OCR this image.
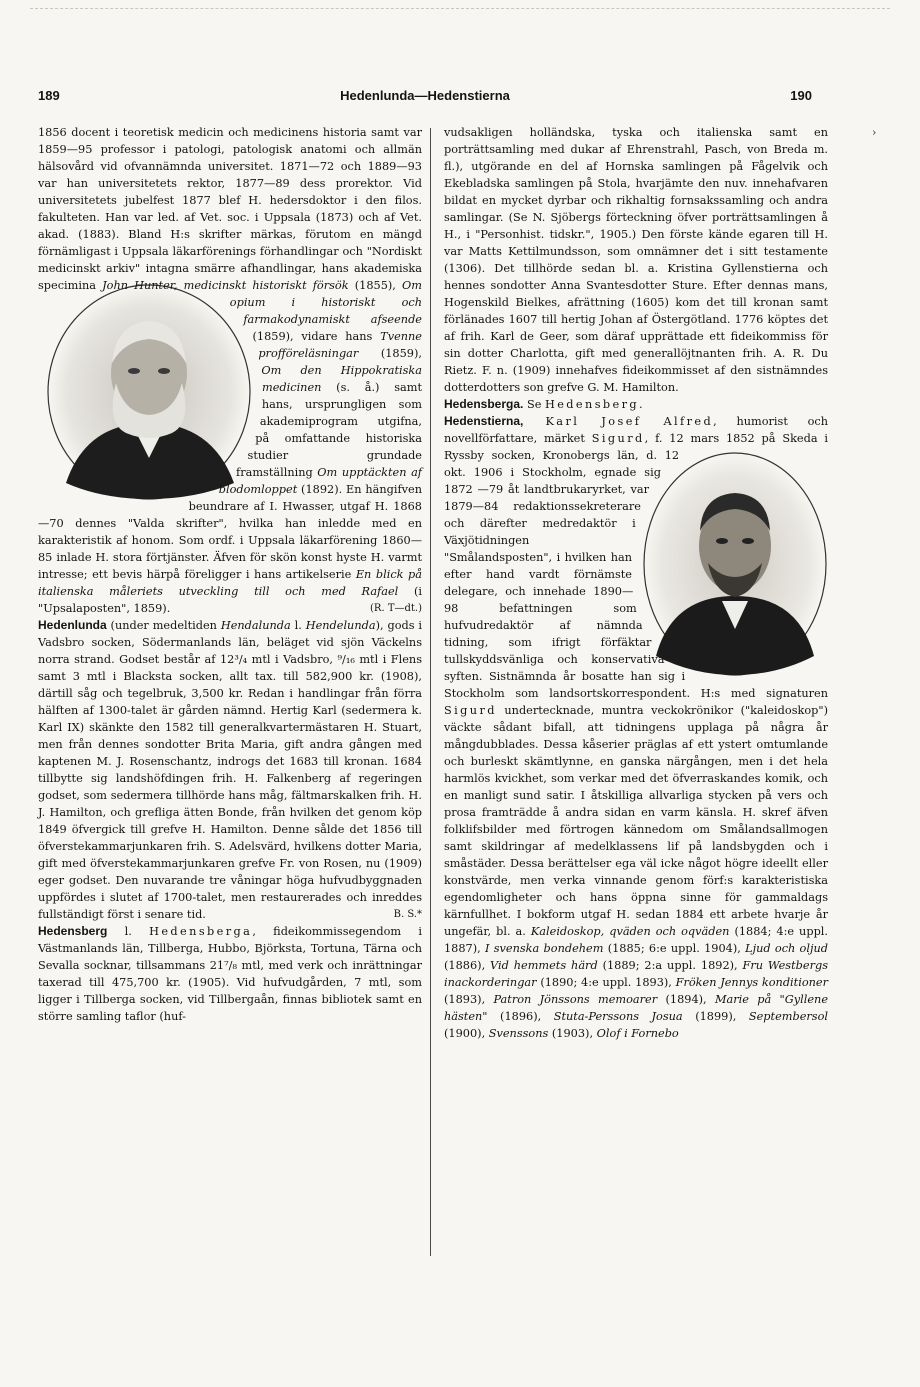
189	Hedenlunda—Hedenstierna	190
›

1856 docent i teoretisk medicin och medicinens historia samt var 1859—95 professor i patologi, patologisk anatomi och allmän hälsovård vid ofvannämnda universitet. 1871—72 och 1889—93 var han universitetets rektor, 1877—89 dess prorektor. Vid universitetets jubelfest 1877 blef H. hedersdoktor i den filos. fakulteten. Han var led. af Vet. soc. i Uppsala (1873) och af Vet. akad. (1883). Bland H:s skrifter märkas, förutom en mängd förnämligast i Uppsala läkarförenings förhandlingar och "Nordiskt medicinskt arkiv" intagna smärre afhandlingar, hans akademiska specimina
John Hunter, medicinskt historiskt försök (1855), Om opium i historiskt och farmakodynamiskt afseende (1859), vidare hans Tvenne profföreläsningar (1859), Om den Hippokratiska medicinen (s. å.) samt hans, ursprungligen som akademiprogram utgifna, på omfattande historiska studier grundade framställning Om upptäckten af blodomloppet (1892). En hängifven beundrare af I. Hwasser, utgaf H. 1868—70 dennes "Valda skrifter", hvilka han inledde med en karakteristik af honom. Som ordf. i Uppsala läkarförening 1860—85 inlade H. stora förtjänster. Äfven för skön konst hyste H. varmt intresse; ett bevis härpå föreligger i hans artikelserie En blick på italienska måleriets utveckling till och med Rafael (i "Upsalaposten", 1859).	(R. T—dt.)

Hedenlunda (under medeltiden Hendalunda l. Hendelunda), gods i Vadsbro socken, Södermanlands län, beläget vid sjön Väckelns norra strand. Godset består af 12³/₄ mtl i Vadsbro, ⁹/₁₆ mtl i Flens samt 3 mtl i Blacksta socken, allt tax. till 582,900 kr. (1908), därtill såg och tegelbruk, 3,500 kr. Redan i handlingar från förra hälften af 1300-talet är gården nämnd. Hertig Karl (sedermera k. Karl IX) skänkte den 1582 till generalkvartermästaren H. Stuart, men från dennes sondotter Brita Maria, gift andra gången med kaptenen M. J. Rosenschantz, indrogs det 1683 till kronan. 1684 tillbytte sig landshöfdingen frih. H. Falkenberg af regeringen godset, som sedermera tillhörde hans måg, fältmarskalken frih. H. J. Hamilton, och grefliga ätten Bonde, från hvilken det genom köp 1849 öfvergick till grefve H. Hamilton. Denne sålde det 1856 till öfverstekammarjunkaren frih. S. Adelsvärd, hvilkens dotter Maria, gift med öfverstekammarjunkaren grefve Fr. von Rosen, nu (1909) eger godset. Den nuvarande tre våningar höga hufvudbyggnaden uppfördes i slutet af 1700-talet, men restaurerades och inreddes fullständigt först i senare tid.	B. S.*

Hedensberg l. Hedensberga, fideikommissegendom i Västmanlands län, Tillberga, Hubbo, Björksta, Tortuna, Tärna och Sevalla socknar, tillsammans 21⁷/₈ mtl, med verk och inrättningar taxerad till 475,700 kr. (1905). Vid hufvudgården, 7 mtl, som ligger i Tillberga socken, vid Tillbergaån, finnas bibliotek samt en större samling taflor (huf-

vudsakligen holländska, tyska och italienska samt en porträttsamling med dukar af Ehrenstrahl, Pasch, von Breda m. fl.), utgörande en del af Hornska samlingen på Fågelvik och Ekebladska samlingen på Stola, hvarjämte den nuv. innehafvaren bildat en mycket dyrbar och rikhaltig fornsakssamling och andra samlingar. (Se N. Sjöbergs förteckning öfver porträttsamlingen å H., i "Personhist. tidskr.", 1905.) Den förste kände egaren till H. var Matts Kettilmundsson, som omnämner det i sitt testamente (1306). Det tillhörde sedan bl. a. Kristina Gyllenstierna och hennes sondotter Anna Svantesdotter Sture. Efter dennas mans, Hogenskild Bielkes, afrättning (1605) kom det till kronan samt förlänades 1607 till hertig Johan af Östergötland. 1776 köptes det af frih. Karl de Geer, som däraf upprättade ett fideikommiss för sin dotter Charlotta, gift med generallöjtnanten frih. A. R. Du Rietz. F. n. (1909) innehafves fideikommisset af den sistnämndes dotterdotters son grefve G. M. Hamilton.

Hedensberga. Se Hedensberg.

Hedenstierna, Karl Josef Alfred, humorist och novellförfattare, märket Sigurd
, f. 12 mars 1852 på Skeda i Ryssby socken, Kronobergs län, d. 12 okt. 1906 i Stockholm, egnade sig 1872 —79 åt landtbrukaryrket, var 1879—84 redaktionssekreterare och därefter medredaktör i Växjötidningen "Smålandsposten", i hvilken han efter hand vardt förnämste delegare, och innehade 1890—98 befattningen som hufvudredaktör af nämnda tidning, som ifrigt förfäktar tullskyddsvänliga och konservativa syften. Sistnämnda år bosatte han sig i Stockholm som landsortskorrespondent. H:s med signaturen Sigurd undertecknade, muntra veckokrönikor ("kaleidoskop") väckte sådant bifall, att tidningens upplaga på några år mångdubblades. Dessa kåserier präglas af ett ystert omtumlande och burleskt skämtlynne, en ganska närgången, men i det hela harmlös kvickhet, som verkar med det öfverraskandes komik, och en manligt sund satir. I åtskilliga allvarliga stycken på vers och prosa framträdde å andra sidan en varm känsla. H. skref äfven folklifsbilder med förtrogen kännedom om Smålandsallmogen samt skildringar af medelklassens lif på landsbygden och i småstäder. Dessa berättelser ega väl icke något högre ideellt eller konstvärde, men verka vinnande genom förf:s karakteristiska egendomligheter och hans öppna sinne för gammaldags kärnfullhet. I bokform utgaf H. sedan 1884 ett arbete hvarje år ungefär, bl. a. Kaleidoskop, qväden och oqväden (1884; 4:e uppl. 1887), I svenska bondehem (1885; 6:e uppl. 1904), Ljud och oljud (1886), Vid hemmets härd (1889; 2:a uppl. 1892), Fru Westbergs inackorderingar (1890; 4:e uppl. 1893), Fröken Jennys konditioner (1893), Patron Jönssons memoarer (1894), Marie på "Gyllene hästen" (1896), Stuta-Perssons Josua (1899), Septembersol (1900), Svenssons (1903), Olof i Fornebo
